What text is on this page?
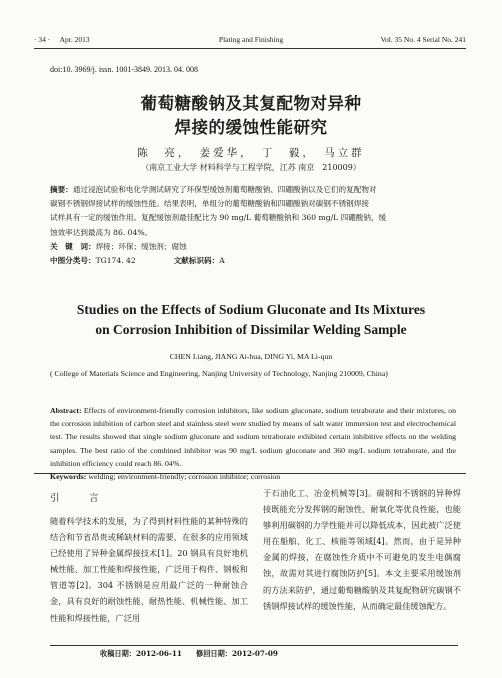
· 34 · Apr. 2013	Plating and Finishing	Vol. 35 No. 4 Serial No. 241
doi:10. 3969/j. issn. 1001-3849. 2013. 04. 008
葡萄糖酸钠及其复配物对异种
焊接的缓蚀性能研究
陈　亮，　姜爱华，　丁　毅，　马立群
（南京工业大学 材料科学与工程学院，江苏 南京　210009）
摘要：通过浸泡试验和电化学测试研究了环保型缓蚀剂葡萄糖酸钠、四硼酸钠以及它们的复配物对
碳钢不锈钢焊接试样的缓蚀性能。结果表明，单组分的葡萄糖酸钠和四硼酸钠对碳钢不锈钢焊接
试样具有一定的缓蚀作用。复配缓蚀剂最佳配比为 90 mg/L 葡萄糖酸钠和 360 mg/L 四硼酸钠，缓
蚀效率达到最高为 86. 04%。
关　键　词：焊接；环保；缓蚀剂；腐蚀
中图分类号：TG174. 42	文献标识码：A
Studies on the Effects of Sodium Gluconate and Its Mixtures
on Corrosion Inhibition of Dissimilar Welding Sample
CHEN Liang, JIANG Ai-hua, DING Yi, MA Li-qun
( College of Materials Science and Engineering, Nanjing University of Technology, Nanjing 210009, China)
Abstract: Effects of environment-friendly corrosion inhibitors, like sodium gluconate, sodium tetraborate and their mixtures, on the corrosion inhibition of carbon steel and stainless steel were studied by means of salt water immersion test and electrochemical test. The results showed that single sodium gluconate and sodium tetraborate exhibited certain inhibitive effects on the welding samples. The best ratio of the combined inhibitor was 90 mg/L sodium gluconate and 360 mg/L sodium tetraborate, and the inhibition efficiency could reach 86. 04%.
Keywords: welding; environment-friendly; corrosion inhibitor; corrosion
引　言
随着科学技术的发展，为了得到材料性能的某种特殊的结合和节省昂贵或稀缺材料的需要，在很多的应用领域已经使用了异种金属焊接技术[1]。20 钢具有良好地机械性能、加工性能和焊接性能，广泛用于构件、钢板和管道等[2]。304 不锈钢是应用最广泛的一种耐蚀合金，具有良好的耐蚀性能、耐热性能、机械性能、加工性能和焊接性能，广泛用
于石油化工、冶金机械等[3]。碳钢和不锈钢的异种焊接既能充分发挥钢的耐蚀性、耐氧化等优良性能，也能够利用碳钢的力学性能并可以降低成本，因此被广泛使用在船舶、化工、核能等领域[4]。然而，由于是异种金属的焊接，在腐蚀性介质中不可避免的发生电偶腐蚀，故需对其进行腐蚀防护[5]。本文主要采用缓蚀剂的方法来防护，通过葡萄糖酸钠及其复配物研究碳钢不锈钢焊接试样的缓蚀性能，从而确定最佳缓蚀配方。
收稿日期：2012-06-11 修回日期：2012-07-09
